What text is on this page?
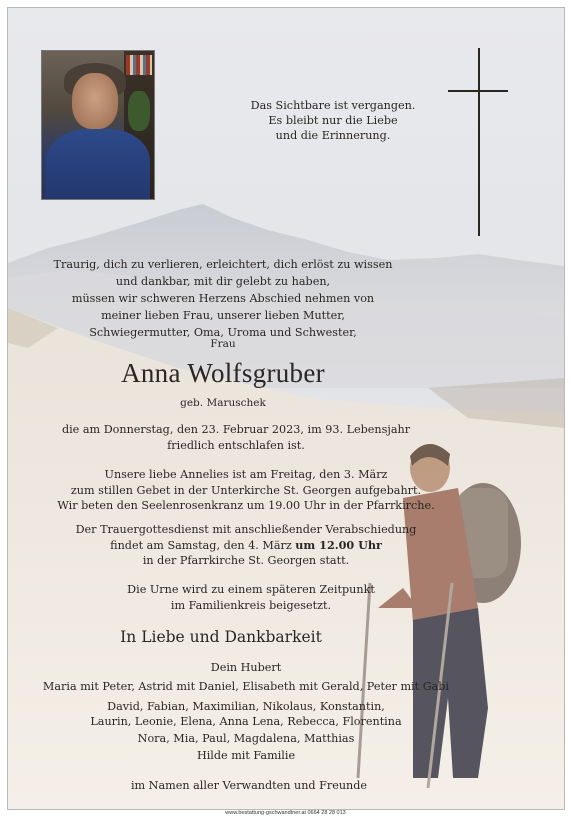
Das Sichtbare ist vergangen.
Es bleibt nur die Liebe
und die Erinnerung.
Traurig, dich zu verlieren, erleichtert, dich erlöst zu wissen
und dankbar, mit dir gelebt zu haben,
müssen wir schweren Herzens Abschied nehmen von
meiner lieben Frau, unserer lieben Mutter,
Schwiegermutter, Oma, Uroma und Schwester,
Frau
Anna Wolfsgruber
geb. Maruschek
die am Donnerstag, den 23. Februar 2023, im 93. Lebensjahr
friedlich entschlafen ist.
Unsere liebe Annelies ist am Freitag, den 3. März
zum stillen Gebet in der Unterkirche St. Georgen aufgebahrt.
Wir beten den Seelenrosenkranz um 19.00 Uhr in der Pfarrkirche.
Der Trauergottesdienst mit anschließender Verabschiedung
findet am Samstag, den 4. März um 12.00 Uhr
in der Pfarrkirche St. Georgen statt.
Die Urne wird zu einem späteren Zeitpunkt
im Familienkreis beigesetzt.
In Liebe und Dankbarkeit
Dein Hubert
Maria mit Peter, Astrid mit Daniel, Elisabeth mit Gerald, Peter mit Gabi
David, Fabian, Maximilian, Nikolaus, Konstantin,
Laurin, Leonie, Elena, Anna Lena, Rebecca, Florentina
Nora, Mia, Paul, Magdalena, Matthias
Hilde mit Familie
im Namen aller Verwandten und Freunde
www.bestattung-gschwandtner.at 0664 28 28 013
